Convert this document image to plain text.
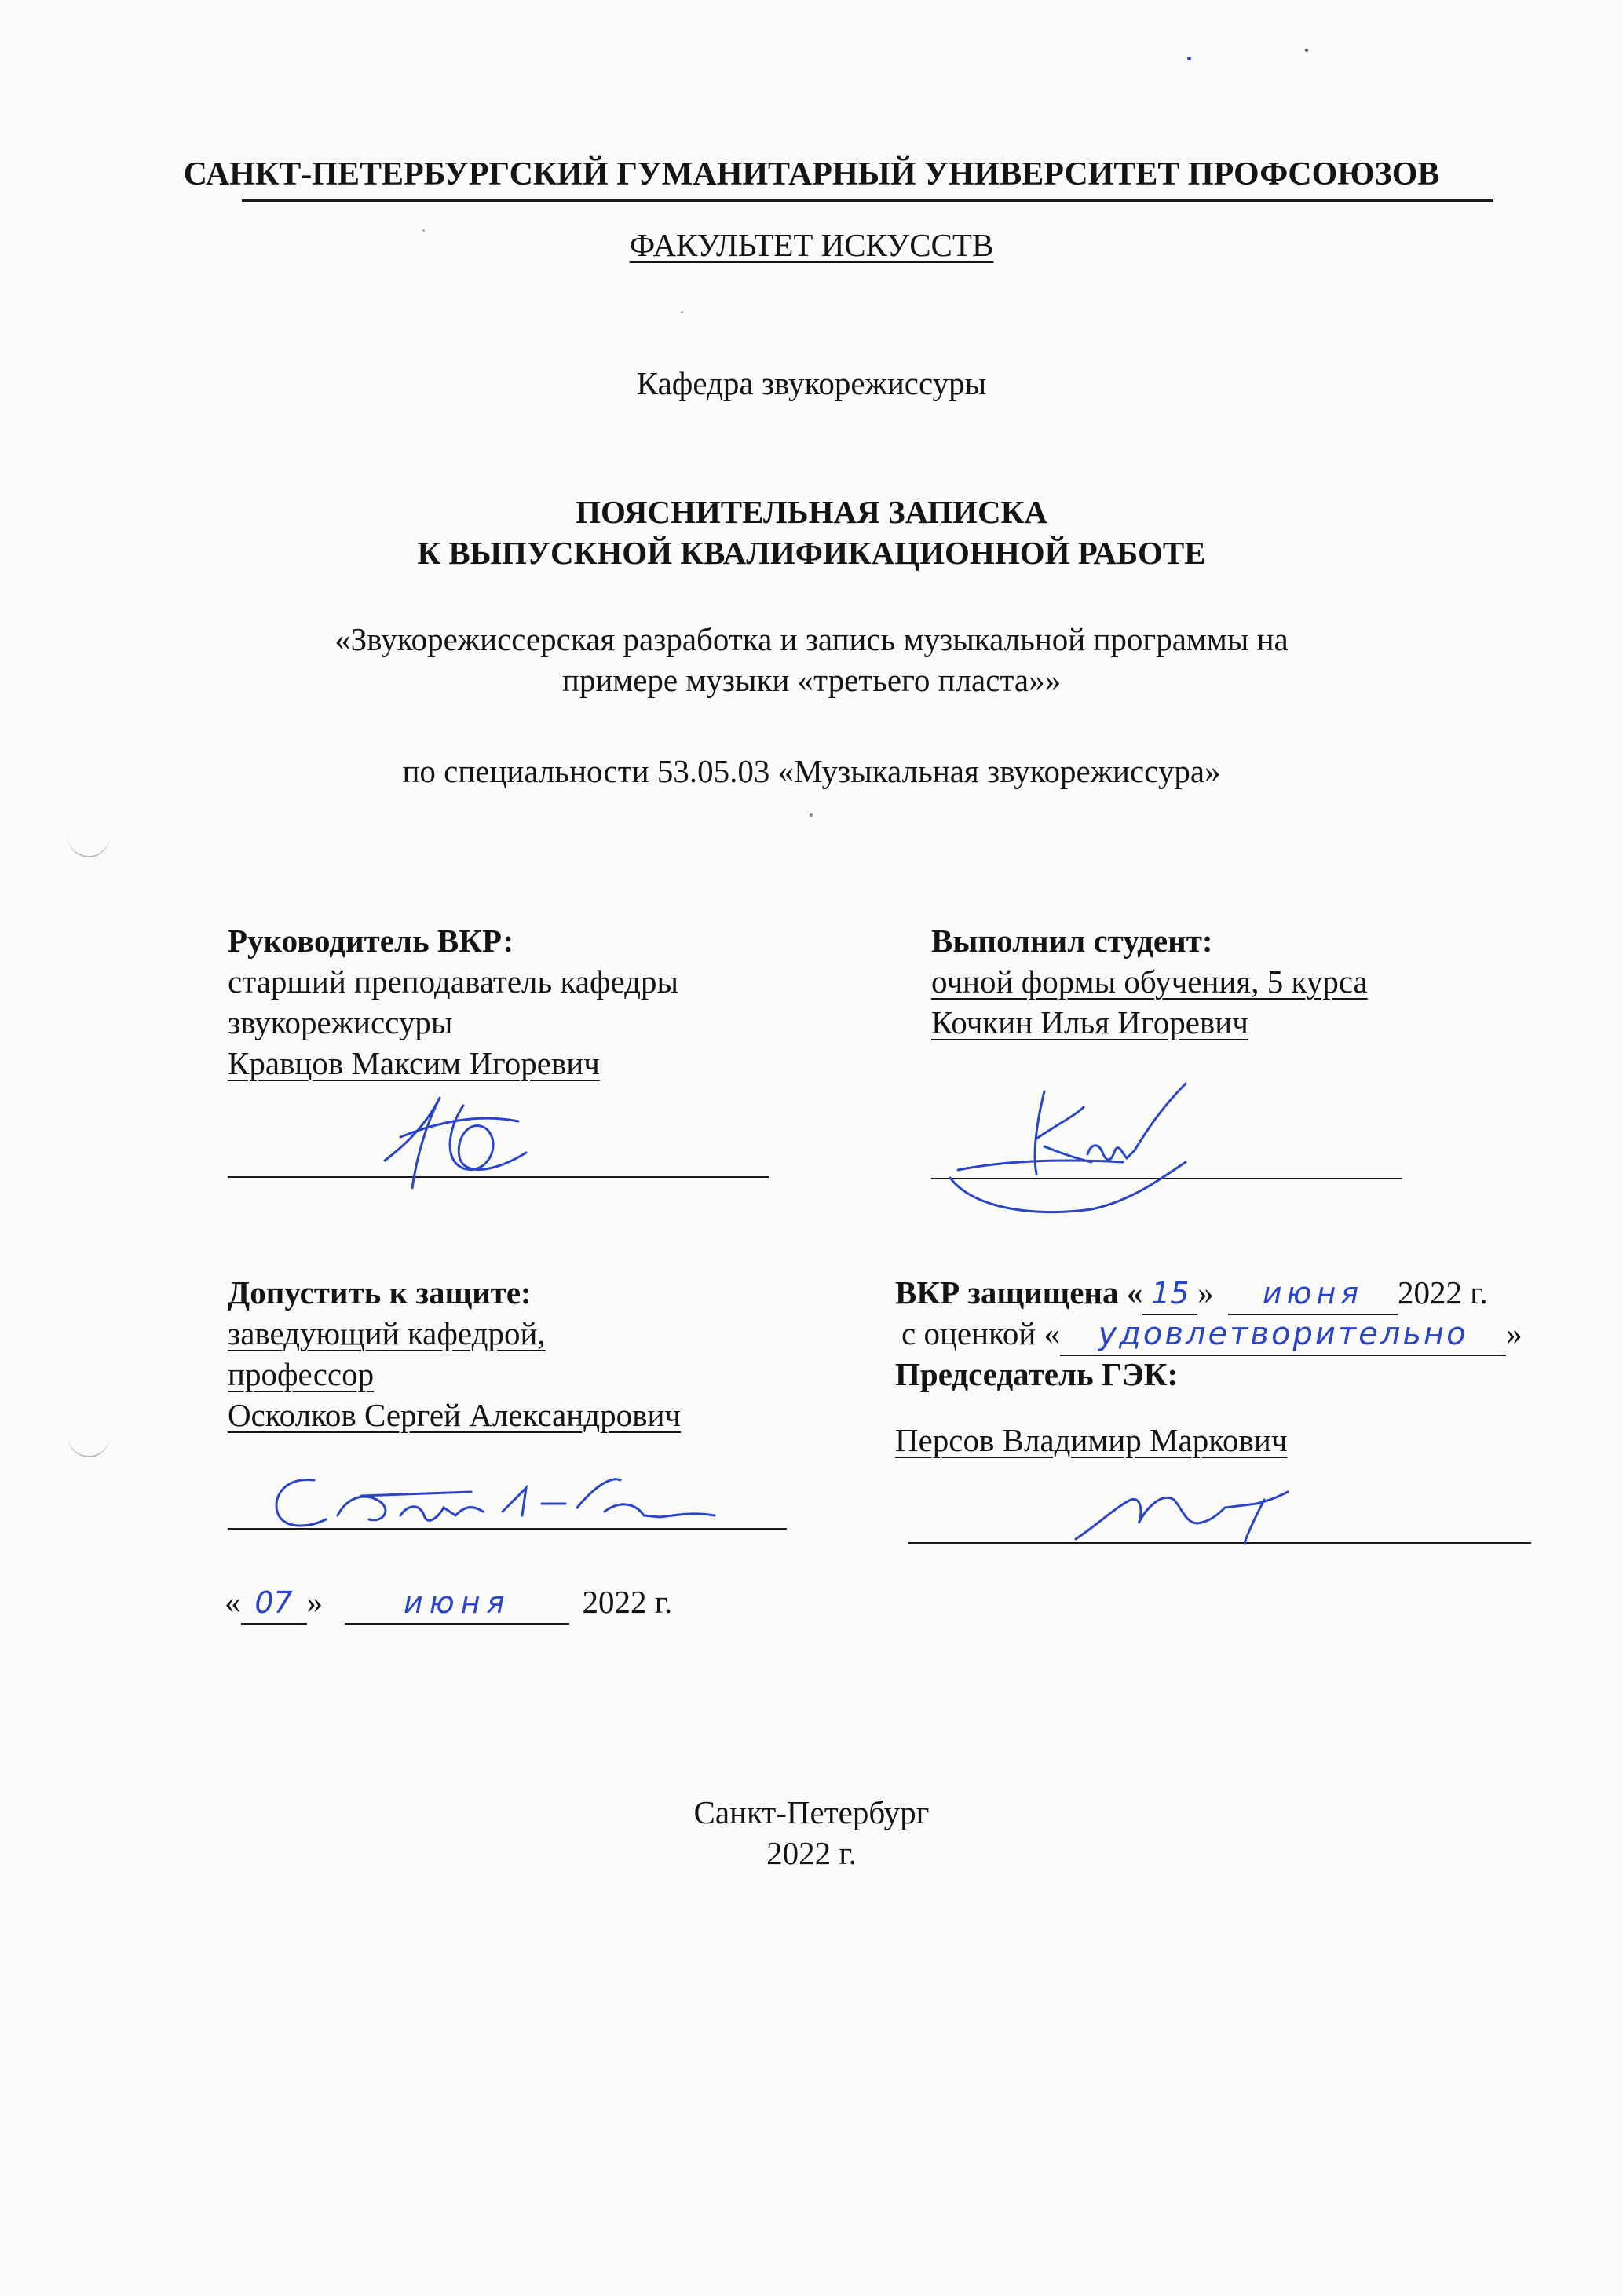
САНКТ-ПЕТЕРБУРГСКИЙ ГУМАНИТАРНЫЙ УНИВЕРСИТЕТ ПРОФСОЮЗОВ
ФАКУЛЬТЕТ ИСКУССТВ
Кафедра звукорежиссуры
ПОЯСНИТЕЛЬНАЯ ЗАПИСКА
К ВЫПУСКНОЙ КВАЛИФИКАЦИОННОЙ РАБОТЕ
«Звукорежиссерская разработка и запись музыкальной программы на
примере музыки «третьего пласта»»
по специальности 53.05.03 «Музыкальная звукорежиссура»
Руководитель ВКР:
старший преподаватель кафедры
звукорежиссуры
Кравцов Максим Игоревич
Выполнил студент:
очной формы обучения, 5 курса
Кочкин Илья Игоревич
Допустить к защите:
заведующий кафедрой,
профессор
Осколков Сергей Александрович
« 07 »	июня 2022 г.
ВКР защищена « 15 » июня 2022 г.
с оценкой « удовлетворительно »
Председатель ГЭК:
Персов Владимир Маркович
Санкт-Петербург
2022 г.
